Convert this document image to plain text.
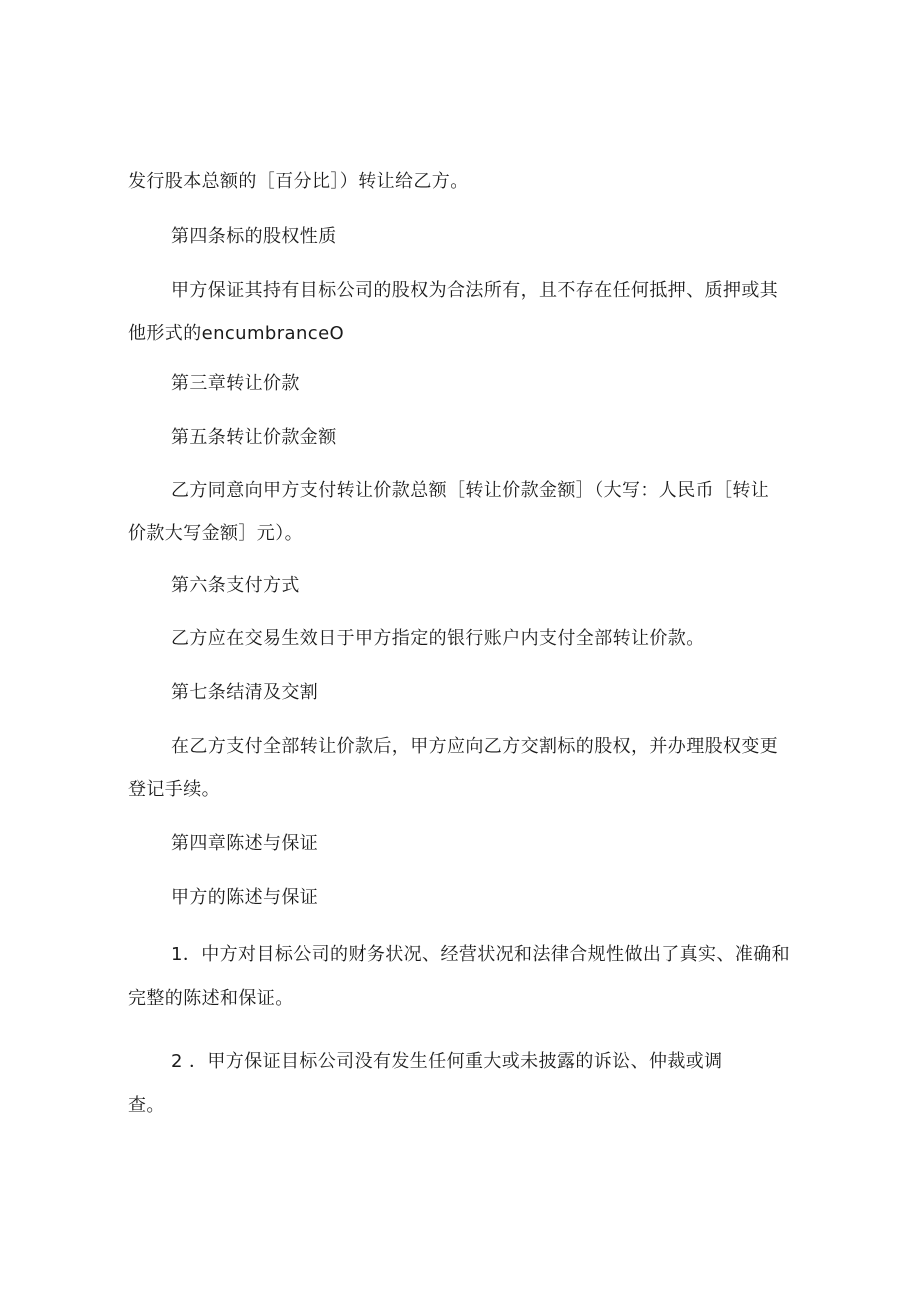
发行股本总额的［百分比］）转让给乙方。
第四条标的股权性质
甲方保证其持有目标公司的股权为合法所有，且不存在任何抵押、质押或其
他形式的encumbranceO
第三章转让价款
第五条转让价款金额
乙方同意向甲方支付转让价款总额［转让价款金额］（大写：人民币［转让
价款大写金额］元）。
第六条支付方式
乙方应在交易生效日于甲方指定的银行账户内支付全部转让价款。
第七条结清及交割
在乙方支付全部转让价款后，甲方应向乙方交割标的股权，并办理股权变更
登记手续。
第四章陈述与保证
甲方的陈述与保证
1．中方对目标公司的财务状况、经营状况和法律合规性做出了真实、准确和
完整的陈述和保证。
2 ．甲方保证目标公司没有发生任何重大或未披露的诉讼、仲裁或调
查。
